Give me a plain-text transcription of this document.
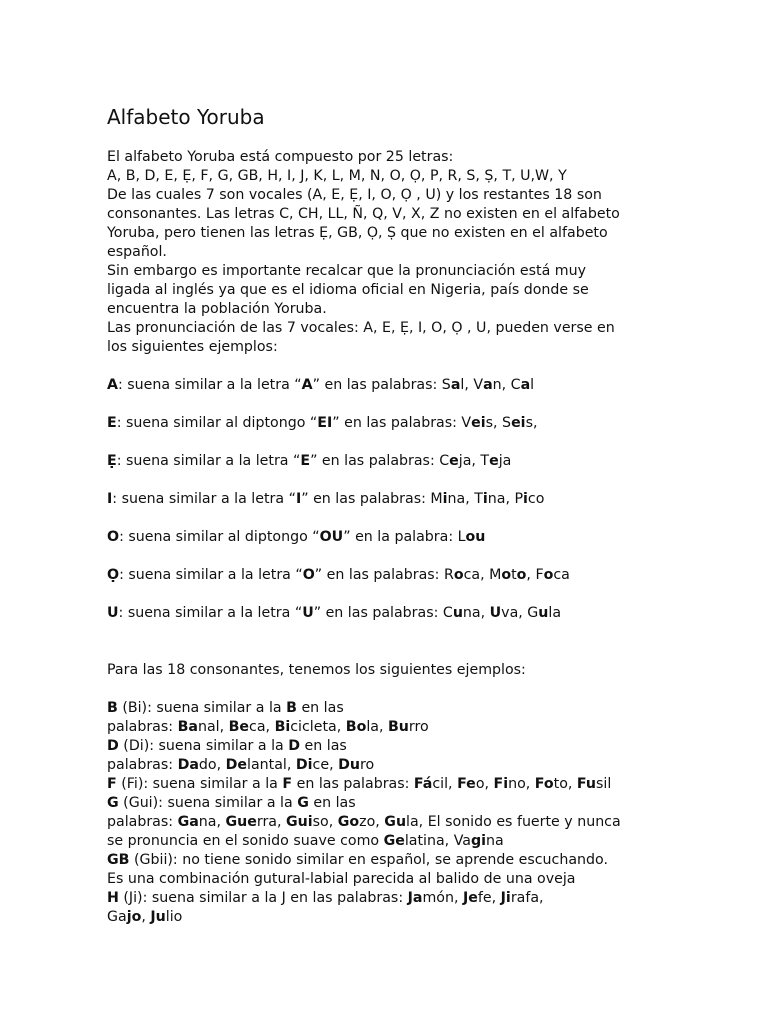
Alfabeto Yoruba
El alfabeto Yoruba está compuesto por 25 letras:
A, B, D, E, Ẹ, F, G, GB, H, I, J, K, L, M, N, O, Ọ, P, R, S, Ṣ, T, U,W, Y
De las cuales 7 son vocales (A, E, Ẹ, I, O, Ọ , U) y los restantes 18 son
consonantes. Las letras C, CH, LL, Ñ, Q, V, X, Z no existen en el alfabeto
Yoruba, pero tienen las letras Ẹ, GB, Ọ, Ṣ que no existen en el alfabeto
español.
Sin embargo es importante recalcar que la pronunciación está muy
ligada al inglés ya que es el idioma oficial en Nigeria, país donde se
encuentra la población Yoruba.
Las pronunciación de las 7 vocales: A, E, Ẹ, I, O, Ọ , U, pueden verse en
los siguientes ejemplos:
A: suena similar a la letra “A” en las palabras: Sal, Van, Cal
E: suena similar al diptongo “EI” en las palabras: Veis, Seis,
Ẹ: suena similar a la letra “E” en las palabras: Ceja, Teja
I: suena similar a la letra “I” en las palabras: Mina, Tina, Pico
O: suena similar al diptongo “OU” en la palabra: Lou
Ọ: suena similar a la letra “O” en las palabras: Roca, Moto, Foca
U: suena similar a la letra “U” en las palabras: Cuna, Uva, Gula
Para las 18 consonantes, tenemos los siguientes ejemplos:
B (Bi): suena similar a la B en las
palabras: Banal, Beca, Bicicleta, Bola, Burro
D (Di): suena similar a la D en las
palabras: Dado, Delantal, Dice, Duro
F (Fi): suena similar a la F en las palabras: Fácil, Feo, Fino, Foto, Fusil
G (Gui): suena similar a la G en las
palabras: Gana, Guerra, Guiso, Gozo, Gula, El sonido es fuerte y nunca
se pronuncia en el sonido suave como Gelatina, Vagina
GB (Gbii): no tiene sonido similar en español, se aprende escuchando.
Es una combinación gutural-labial parecida al balido de una oveja
H (Ji): suena similar a la J en las palabras: Jamón, Jefe, Jirafa,
Gajo, Julio
